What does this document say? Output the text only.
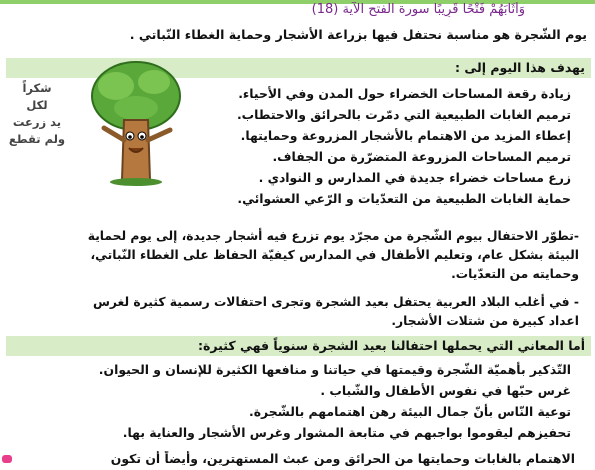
وَأَثَابَهُمْ فَتْحًا قَرِيبًا سورة الفتح الآية (18)
يوم الشّجرة هو مناسبة نحتفل فيها بزراعة الأشجار وحماية الغطاء النّباتي .
يهدف هذا اليوم إلى :
زيادة رقعة المساحات الخضراء حول المدن وفي الأحياء.
ترميم الغابات الطبيعية التي دمّرت بالحرائق والاحتطاب.
إعطاء المزيد من الاهتمام بالأشجار المزروعة وحمايتها.
ترميم المساحات المزروعة المتضرّرة من الجفاف.
زرع مساحات خضراء جديدة في المدارس و النوادي .
حماية الغابات الطبيعية من التعدّيات و الرّعي العشوائي.
-تطوّر الاحتفال بيوم الشّجرة من مجرّد يوم تزرع فيه أشجار جديدة، إلى يوم لحماية
البيئة بشكل عام، وتعليم الأطفال في المدارس كيفيّة الحفاظ على الغطاء النّباتي،
وحمايته من التعدّيات.
- في أغلب البلاد العربية يحتفل بعيد الشجرة وتجرى احتفالات رسمية كثيرة لغرس
اعداد كبيرة من شتلات الأشجار.
أما المعاني التي يحملها احتفالنا بعيد الشجرة سنوياً فهي كثيرة:
التّذكير بأهميّة الشّجرة وقيمتها في حياتنا و منافعها الكثيرة للإنسان و الحيوان.
غرس حبّها في نفوس الأطفال والشّباب .
توعية النّاس بأنّ جمال البيئة رهن اهتمامهم بالشّجرة.
تحفيزهم ليقوموا بواجبهم في متابعة المشوار وغرس الأشجار والعناية بها.
الاهتمام بالغابات وحمايتها من الحرائق ومن عبث المستهترين، وأيضاً أن تكون
شكراً
لكل
يد زرعت
ولم تقطع
